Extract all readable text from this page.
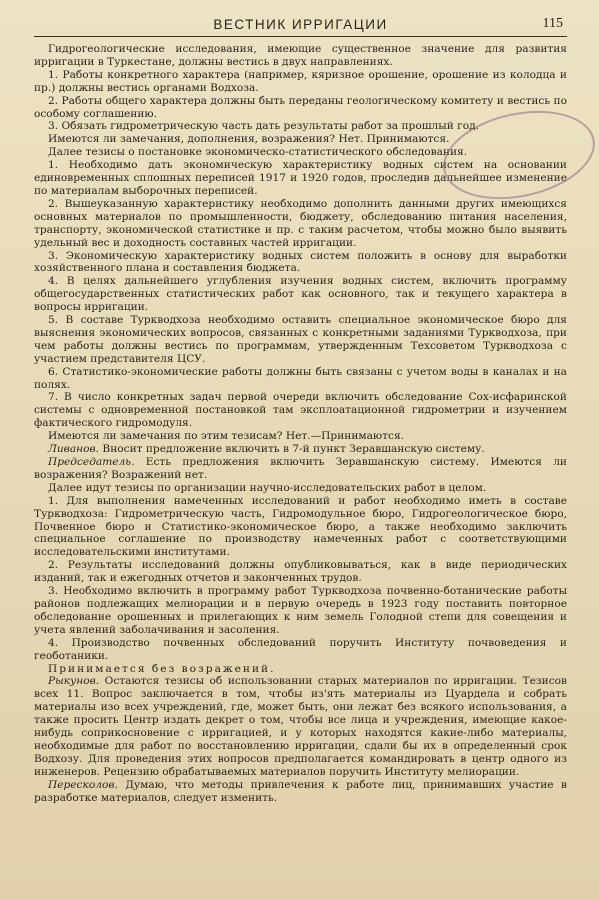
ВЕСТНИК ИРРИГАЦИИ	115

Гидрогеологические исследования, имеющие существенное значение для развития ирригации в Туркестане, должны вестись в двух направлениях.

1. Работы конкретного характера (например, кяризное орошение, орошение из колодца и пр.) должны вестись органами Водхоза.

2. Работы общего характера должны быть переданы геологическому комитету и вестись по особому соглашению.

3. Обязать гидрометрическую часть дать результаты работ за прошлый год.

Имеются ли замечания, дополнения, возражения? Нет. Принимаются.

Далее тезисы о постановке экономическо-статистического обследования.

1. Необходимо дать экономическую характеристику водных систем на основании единовременных сплошных переписей 1917 и 1920 годов, проследив дальнейшее изменение по материалам выборочных переписей.

2. Вышеуказанную характеристику необходимо дополнить данными других имеющихся основных материалов по промышленности, бюджету, обследованию питания населения, транспорту, экономической статистике и пр. с таким расчетом, чтобы можно было выявить удельный вес и доходность составных частей ирригации.

3. Экономическую характеристику водных систем положить в основу для выработки хозяйственного плана и составления бюджета.

4. В целях дальнейшего углубления изучения водных систем, включить программу общегосударственных статистических работ как основного, так и текущего характера в вопросы ирригации.

5. В составе Туркводхоза необходимо оставить специальное экономическое бюро для выяснения экономических вопросов, связанных с конкретными заданиями Туркводхоза, при чем работы должны вестись по программам, утвержденным Техсоветом Туркводхоза с участием представителя ЦСУ.

6. Статистико-экономические работы должны быть связаны с учетом воды в каналах и на полях.

7. В число конкретных задач первой очереди включить обследование Сох-исфаринской системы с одновременной постановкой там эксплоатационной гидрометрии и изучением фактического гидромодуля.

Имеются ли замечания по этим тезисам? Нет.—Принимаются.

Ливанов. Вносит предложение включить в 7-й пункт Зеравшанскую систему.

Председатель. Есть предложения включить Зеравшанскую систему. Имеются ли возражения? Возражений нет.

Далее идут тезисы по организации научно-исследовательских работ в целом.

1. Для выполнения намеченных исследований и работ необходимо иметь в составе Туркводхоза: Гидрометрическую часть, Гидромодульное бюро, Гидрогеологическое бюро, Почвенное бюро и Статистико-экономическое бюро, а также необходимо заключить специальное соглашение по производству намеченных работ с соответствующими исследовательскими институтами.

2. Результаты исследований должны опубликовываться, как в виде периодических изданий, так и ежегодных отчетов и законченных трудов.

3. Необходимо включить в программу работ Туркводхоза почвенно-ботанические работы районов подлежащих мелиорации и в первую очередь в 1923 году поставить повторное обследование орошенных и прилегающих к ним земель Голодной степи для совещения и учета явлений заболачивания и засоления.

4. Производство почвенных обследований поручить Институту почвоведения и геоботаники.

Принимается без возражений.

Рыкунов. Остаются тезисы об использовании старых материалов по ирригации. Тезисов всех 11. Вопрос заключается в том, чтобы из'ять материалы из Цуардела и собрать материалы изо всех учреждений, где, может быть, они лежат без всякого использования, а также просить Центр издать декрет о том, чтобы все лица и учреждения, имеющие какое-нибудь соприкосновение с ирригацией, и у которых находятся какие-либо материалы, необходимые для работ по восстановлению ирригации, сдали бы их в определенный срок Водхозу. Для проведения этих вопросов предполагается командировать в центр одного из инженеров. Рецензию обрабатываемых материалов поручить Институту мелиорации.

Пересколов. Думаю, что методы привлечения к работе лиц, принимавших участие в разработке материалов, следует изменить.
